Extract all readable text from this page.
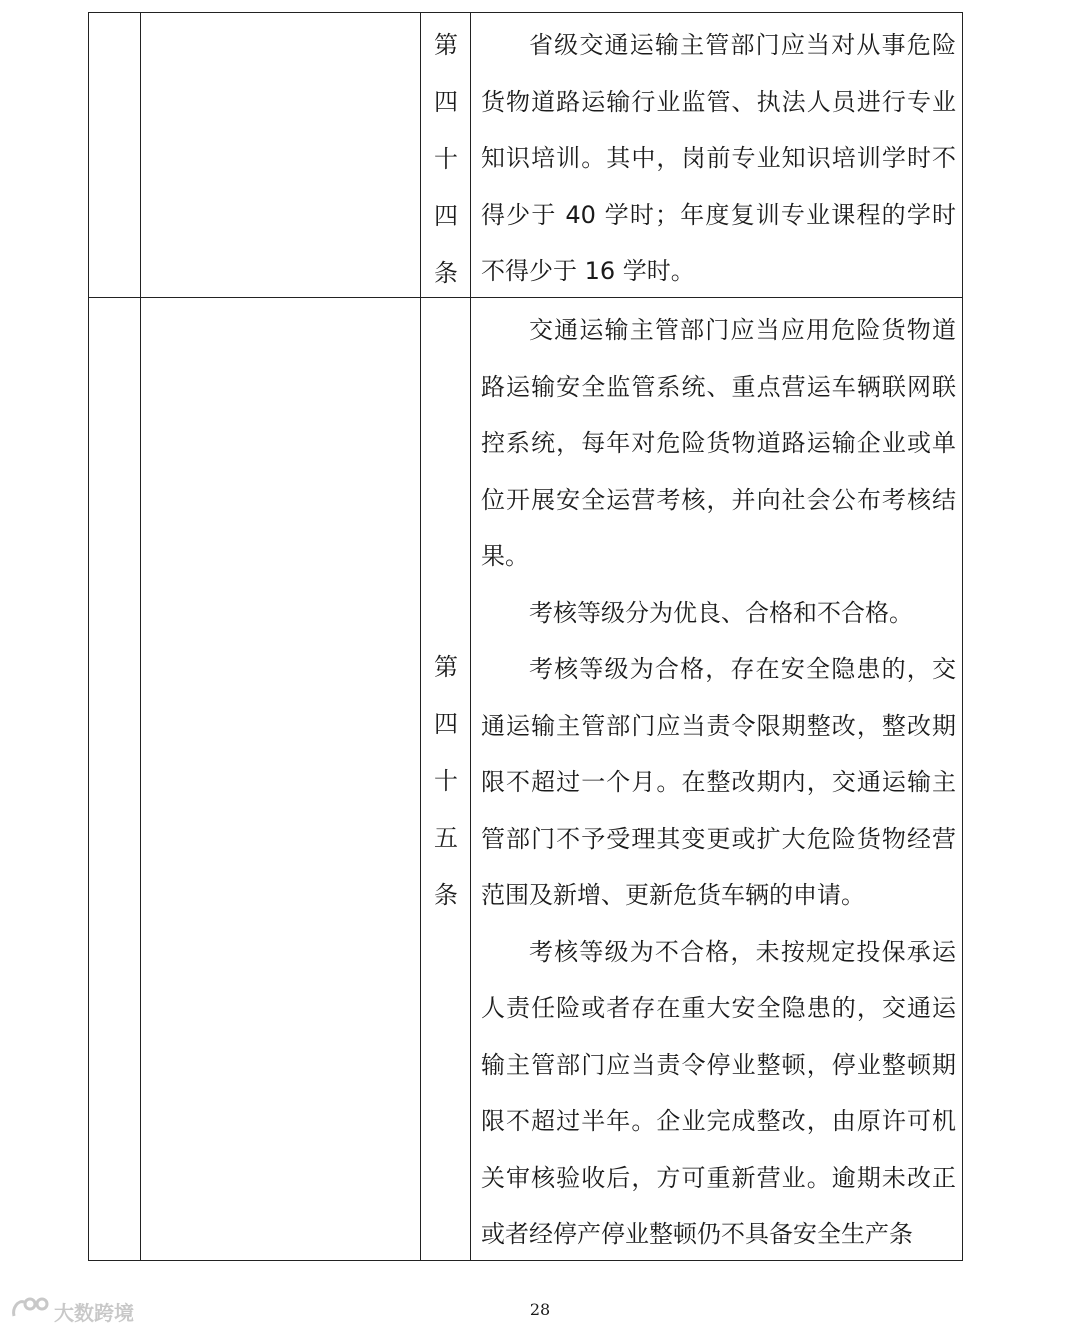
第
四
十
四
条

省级交通运输主管部门应当对从事危险货物道路运输行业监管、执法人员进行专业知识培训。其中，岗前专业知识培训学时不得少于 40 学时；年度复训专业课程的学时不得少于 16 学时。

第
四
十
五
条

交通运输主管部门应当应用危险货物道路运输安全监管系统、重点营运车辆联网联控系统，每年对危险货物道路运输企业或单位开展安全运营考核，并向社会公布考核结果。

考核等级分为优良、合格和不合格。

考核等级为合格，存在安全隐患的，交通运输主管部门应当责令限期整改，整改期限不超过一个月。在整改期内，交通运输主管部门不予受理其变更或扩大危险货物经营范围及新增、更新危货车辆的申请。

考核等级为不合格，未按规定投保承运人责任险或者存在重大安全隐患的，交通运输主管部门应当责令停业整顿，停业整顿期限不超过半年。企业完成整改，由原许可机关审核验收后，方可重新营业。逾期未改正或者经停产停业整顿仍不具备安全生产条

大数跨境	28
